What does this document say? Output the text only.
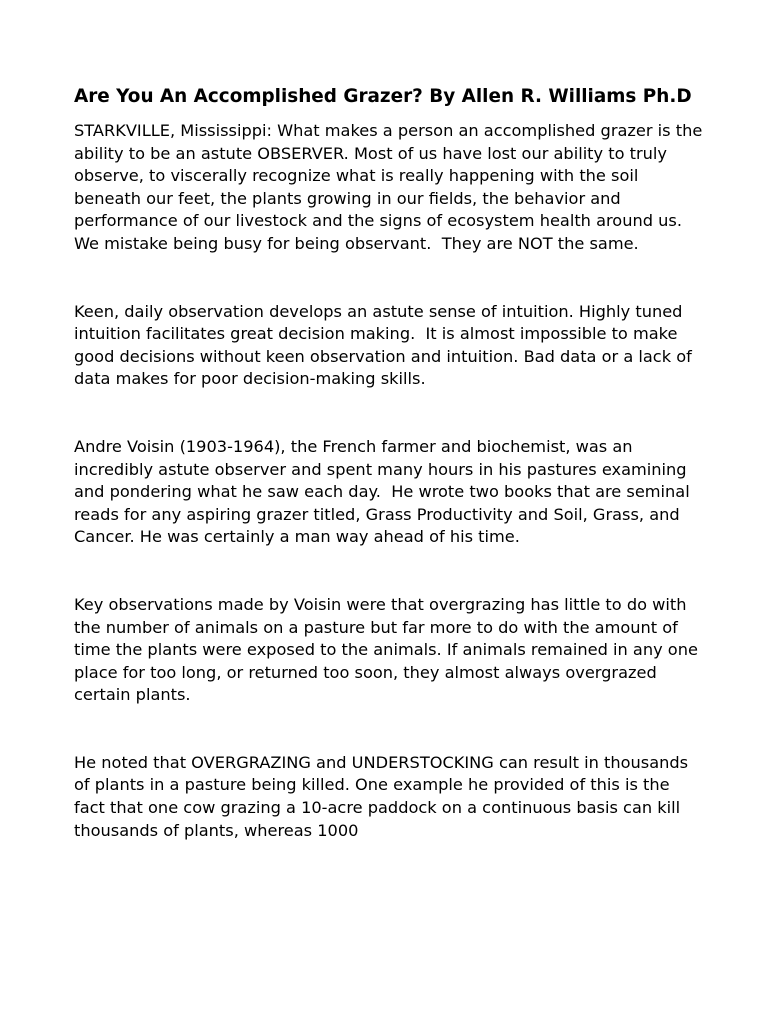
Are You An Accomplished Grazer? By Allen R. Williams Ph.D

STARKVILLE, Mississippi: What makes a person an accomplished grazer is the ability to be an astute OBSERVER. Most of us have lost our ability to truly observe, to viscerally recognize what is really happening with the soil beneath our feet, the plants growing in our fields, the behavior and performance of our livestock and the signs of ecosystem health around us.  We mistake being busy for being observant.  They are NOT the same.

Keen, daily observation develops an astute sense of intuition. Highly tuned intuition facilitates great decision making.  It is almost impossible to make good decisions without keen observation and intuition. Bad data or a lack of data makes for poor decision-making skills.

Andre Voisin (1903-1964), the French farmer and biochemist, was an incredibly astute observer and spent many hours in his pastures examining and pondering what he saw each day.  He wrote two books that are seminal reads for any aspiring grazer titled, Grass Productivity and Soil, Grass, and Cancer. He was certainly a man way ahead of his time.

Key observations made by Voisin were that overgrazing has little to do with the number of animals on a pasture but far more to do with the amount of time the plants were exposed to the animals. If animals remained in any one place for too long, or returned too soon, they almost always overgrazed certain plants.

He noted that OVERGRAZING and UNDERSTOCKING can result in thousands of plants in a pasture being killed. One example he provided of this is the fact that one cow grazing a 10-acre paddock on a continuous basis can kill thousands of plants, whereas 1000
